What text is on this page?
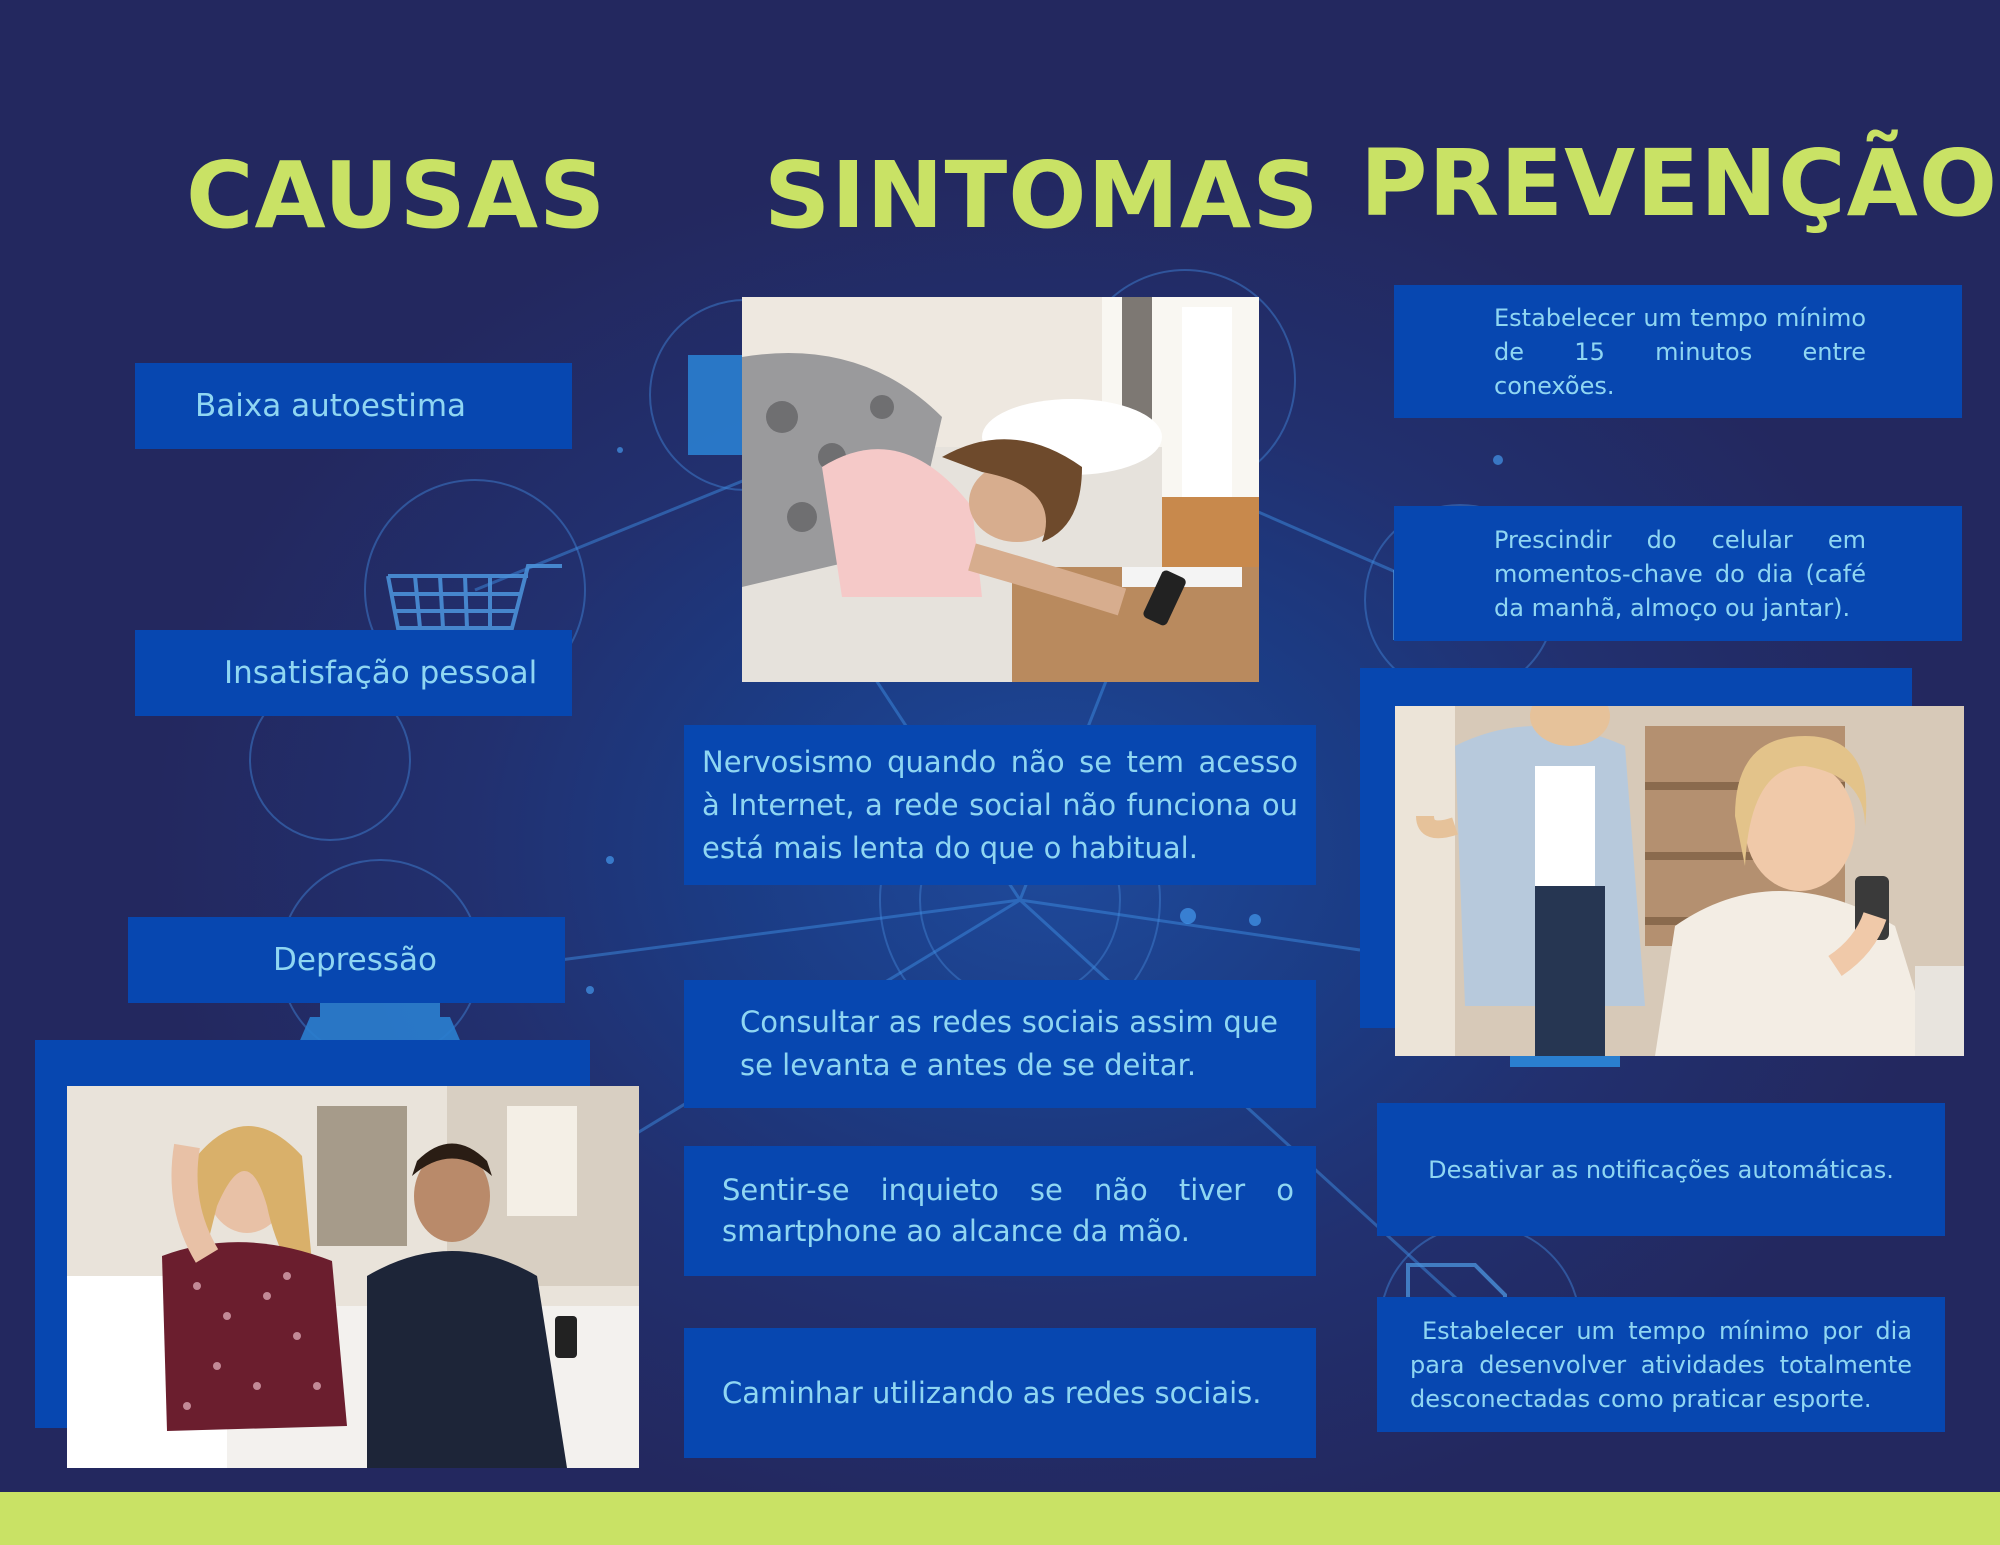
CAUSAS SINTOMAS PREVENÇÃO
Baixa autoestima
Insatisfação pessoal
Depressão
Nervosismo quando não se tem acesso à Internet, a rede social não funciona ou está mais lenta do que o habitual.
Consultar as redes sociais assim que se levanta e antes de se deitar.
Sentir-se inquieto se não tiver o smartphone ao alcance da mão.
Caminhar utilizando as redes sociais.
Estabelecer um tempo mínimo de 15 minutos entre conexões.
Prescindir do celular em momentos-chave do dia (café da manhã, almoço ou jantar).
Desativar as notificações automáticas.
Estabelecer um tempo mínimo por dia para desenvolver atividades totalmente desconectadas como praticar esporte.
